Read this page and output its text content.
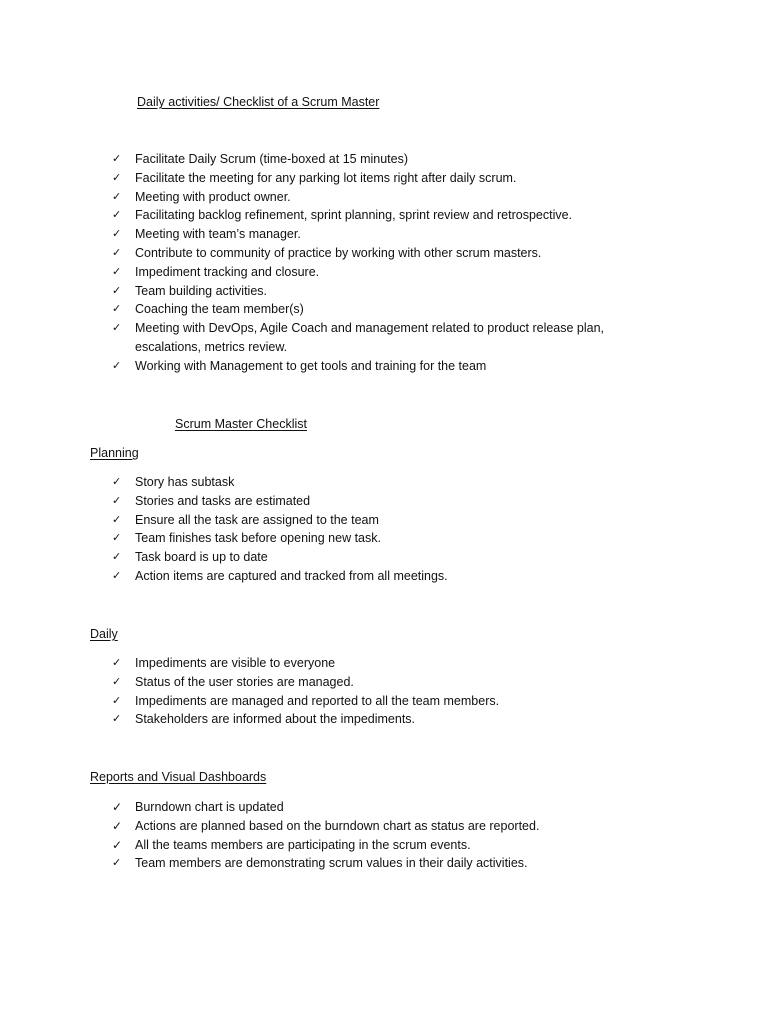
Daily activities/ Checklist of a Scrum Master
✓ Facilitate Daily Scrum (time-boxed at 15 minutes)
✓ Facilitate the meeting for any parking lot items right after daily scrum.
✓ Meeting with product owner.
✓ Facilitating backlog refinement, sprint planning, sprint review and retrospective.
✓ Meeting with team’s manager.
✓ Contribute to community of practice by working with other scrum masters.
✓ Impediment tracking and closure.
✓ Team building activities.
✓ Coaching the team member(s)
✓ Meeting with DevOps, Agile Coach and management related to product release plan, escalations, metrics review.
✓ Working with Management to get tools and training for the team
Scrum Master Checklist
Planning
✓ Story has subtask
✓ Stories and tasks are estimated
✓ Ensure all the task are assigned to the team
✓ Team finishes task before opening new task.
✓ Task board is up to date
✓ Action items are captured and tracked from all meetings.
Daily
✓ Impediments are visible to everyone
✓ Status of the user stories are managed.
✓ Impediments are managed and reported to all the team members.
✓ Stakeholders are informed about the impediments.
Reports and Visual Dashboards
✓ Burndown chart is updated
✓ Actions are planned based on the burndown chart as status are reported.
✓ All the teams members are participating in the scrum events.
✓ Team members are demonstrating scrum values in their daily activities.
